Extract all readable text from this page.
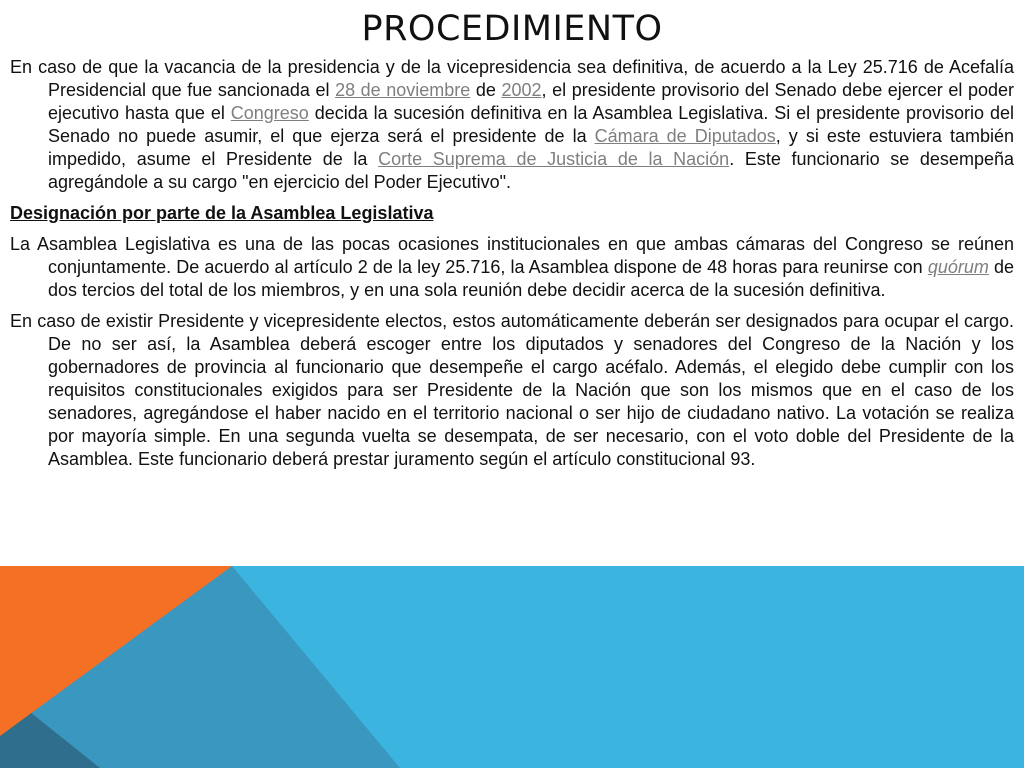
PROCEDIMIENTO

En caso de que la vacancia de la presidencia y de la vicepresidencia sea definitiva, de acuerdo a la Ley 25.716 de Acefalía Presidencial que fue sancionada el 28 de noviembre de 2002, el presidente provisorio del Senado debe ejercer el poder ejecutivo hasta que el Congreso decida la sucesión definitiva en la Asamblea Legislativa. Si el presidente provisorio del Senado no puede asumir, el que ejerza será el presidente de la Cámara de Diputados, y si este estuviera también impedido, asume el Presidente de la Corte Suprema de Justicia de la Nación. Este funcionario se desempeña agregándole a su cargo "en ejercicio del Poder Ejecutivo".

Designación por parte de la Asamblea Legislativa

La Asamblea Legislativa es una de las pocas ocasiones institucionales en que ambas cámaras del Congreso se reúnen conjuntamente. De acuerdo al artículo 2 de la ley 25.716, la Asamblea dispone de 48 horas para reunirse con quórum de dos tercios del total de los miembros, y en una sola reunión debe decidir acerca de la sucesión definitiva.

En caso de existir Presidente y vicepresidente electos, estos automáticamente deberán ser designados para ocupar el cargo. De no ser así, la Asamblea deberá escoger entre los diputados y senadores del Congreso de la Nación y los gobernadores de provincia al funcionario que desempeñe el cargo acéfalo. Además, el elegido debe cumplir con los requisitos constitucionales exigidos para ser Presidente de la Nación que son los mismos que en el caso de los senadores, agregándose el haber nacido en el territorio nacional o ser hijo de ciudadano nativo. La votación se realiza por mayoría simple. En una segunda vuelta se desempata, de ser necesario, con el voto doble del Presidente de la Asamblea. Este funcionario deberá prestar juramento según el artículo constitucional 93.
